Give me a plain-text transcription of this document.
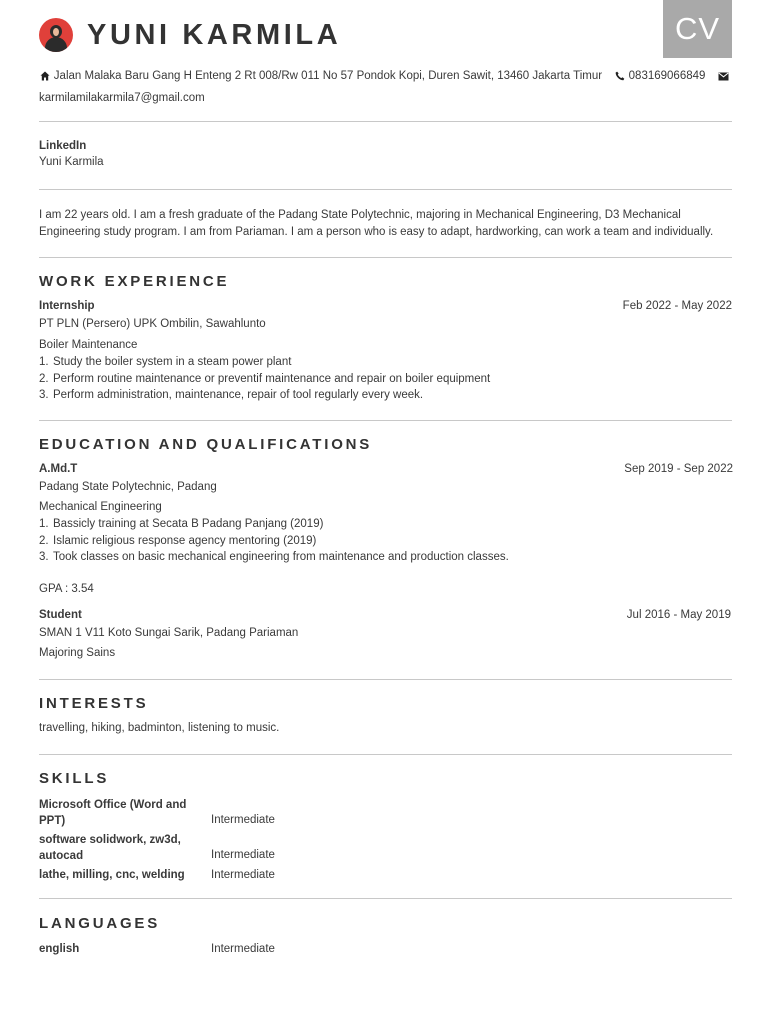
CV
YUNI KARMILA
Jalan Malaka Baru Gang H Enteng 2 Rt 008/Rw 011 No 57 Pondok Kopi, Duren Sawit, 13460 Jakarta Timur 083169066849
karmilamilakarmila7@gmail.com
LinkedIn
Yuni Karmila
I am 22 years old. I am a fresh graduate of the Padang State Polytechnic, majoring in Mechanical Engineering, D3 Mechanical Engineering study program. I am from Pariaman. I am a person who is easy to adapt, hardworking, can work a team and individually.
WORK EXPERIENCE
Internship	Feb 2022 - May 2022
PT PLN (Persero) UPK Ombilin, Sawahlunto
Boiler Maintenance
1. Study the boiler system in a steam power plant
2. Perform routine maintenance or preventif maintenance and repair on boiler equipment
3. Perform administration, maintenance, repair of tool regularly every week.
EDUCATION AND QUALIFICATIONS
A.Md.T	Sep 2019 - Sep 2022
Padang State Polytechnic, Padang
Mechanical Engineering
1. Bassicly training at Secata B Padang Panjang (2019)
2. Islamic religious response agency mentoring (2019)
3. Took classes on basic mechanical engineering from maintenance and production classes.
GPA : 3.54
Student	Jul 2016 - May 2019
SMAN 1 V11 Koto Sungai Sarik, Padang Pariaman
Majoring Sains
INTERESTS
travelling, hiking, badminton, listening to music.
SKILLS
Microsoft Office (Word and PPT)	Intermediate
software solidwork, zw3d, autocad	Intermediate
lathe, milling, cnc, welding	Intermediate
LANGUAGES
english	Intermediate
